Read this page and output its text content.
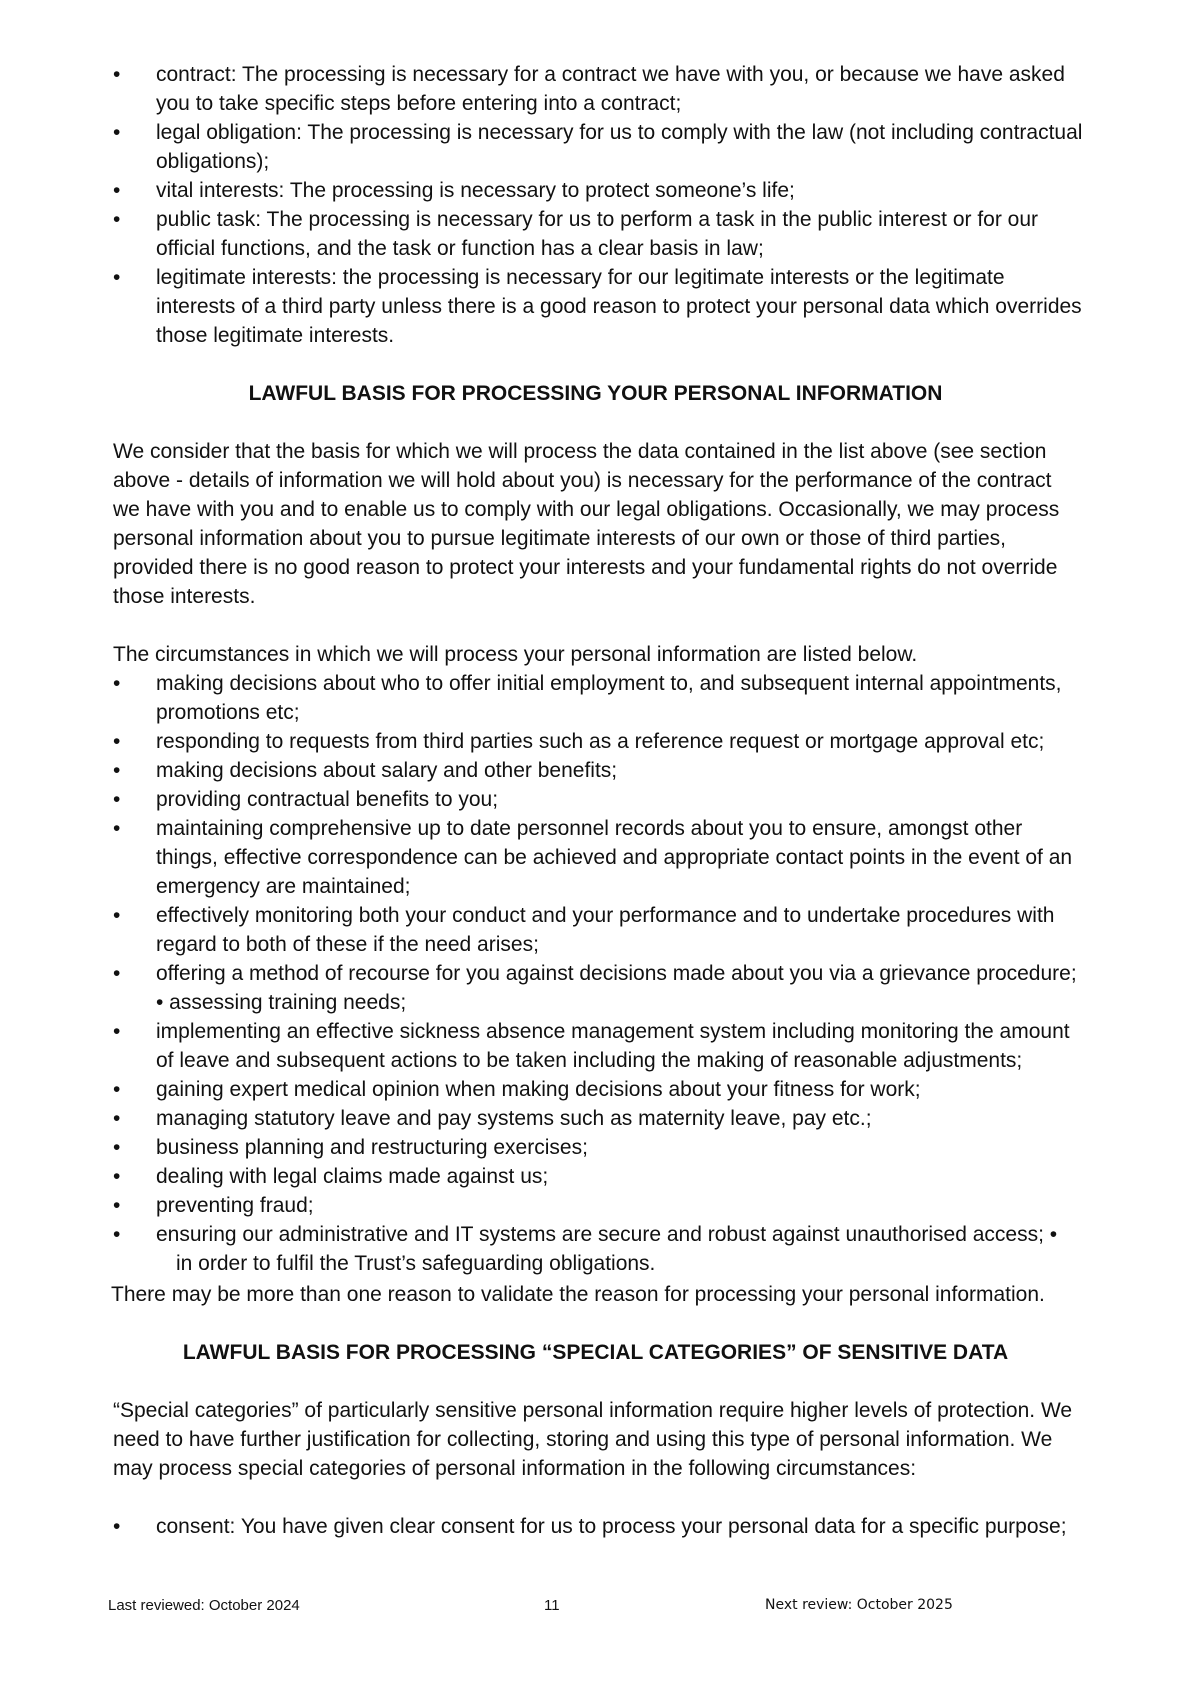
•	contract: The processing is necessary for a contract we have with you, or because we have asked
you to take specific steps before entering into a contract;
•	legal obligation: The processing is necessary for us to comply with the law (not including contractual
obligations);
•	vital interests: The processing is necessary to protect someone’s life;
•	public task: The processing is necessary for us to perform a task in the public interest or for our
official functions, and the task or function has a clear basis in law;
•	legitimate interests: the processing is necessary for our legitimate interests or the legitimate
interests of a third party unless there is a good reason to protect your personal data which overrides
those legitimate interests.
LAWFUL BASIS FOR PROCESSING YOUR PERSONAL INFORMATION

We consider that the basis for which we will process the data contained in the list above (see section
above - details of information we will hold about you) is necessary for the performance of the contract
we have with you and to enable us to comply with our legal obligations. Occasionally, we may process
personal information about you to pursue legitimate interests of our own or those of third parties,
provided there is no good reason to protect your interests and your fundamental rights do not override
those interests.

The circumstances in which we will process your personal information are listed below.

•	making decisions about who to offer initial employment to, and subsequent internal appointments,
promotions etc;
•	responding to requests from third parties such as a reference request or mortgage approval etc;
•	making decisions about salary and other benefits;
•	providing contractual benefits to you;
•	maintaining comprehensive up to date personnel records about you to ensure, amongst other
things, effective correspondence can be achieved and appropriate contact points in the event of an
emergency are maintained;
•	effectively monitoring both your conduct and your performance and to undertake procedures with
regard to both of these if the need arises;
•	offering a method of recourse for you against decisions made about you via a grievance procedure;
• assessing training needs;
•	implementing an effective sickness absence management system including monitoring the amount
of leave and subsequent actions to be taken including the making of reasonable adjustments;
•	gaining expert medical opinion when making decisions about your fitness for work;
•	managing statutory leave and pay systems such as maternity leave, pay etc.;
•	business planning and restructuring exercises;
•	dealing with legal claims made against us;
•	preventing fraud;
•	ensuring our administrative and IT systems are secure and robust against unauthorised access; •
in order to fulfil the Trust’s safeguarding obligations.

There may be more than one reason to validate the reason for processing your personal information.

LAWFUL BASIS FOR PROCESSING “SPECIAL CATEGORIES” OF SENSITIVE DATA

“Special categories” of particularly sensitive personal information require higher levels of protection. We
need to have further justification for collecting, storing and using this type of personal information. We
may process special categories of personal information in the following circumstances:

•	consent: You have given clear consent for us to process your personal data for a specific purpose;
Last reviewed: October 2024	11	Next review: October 2025
